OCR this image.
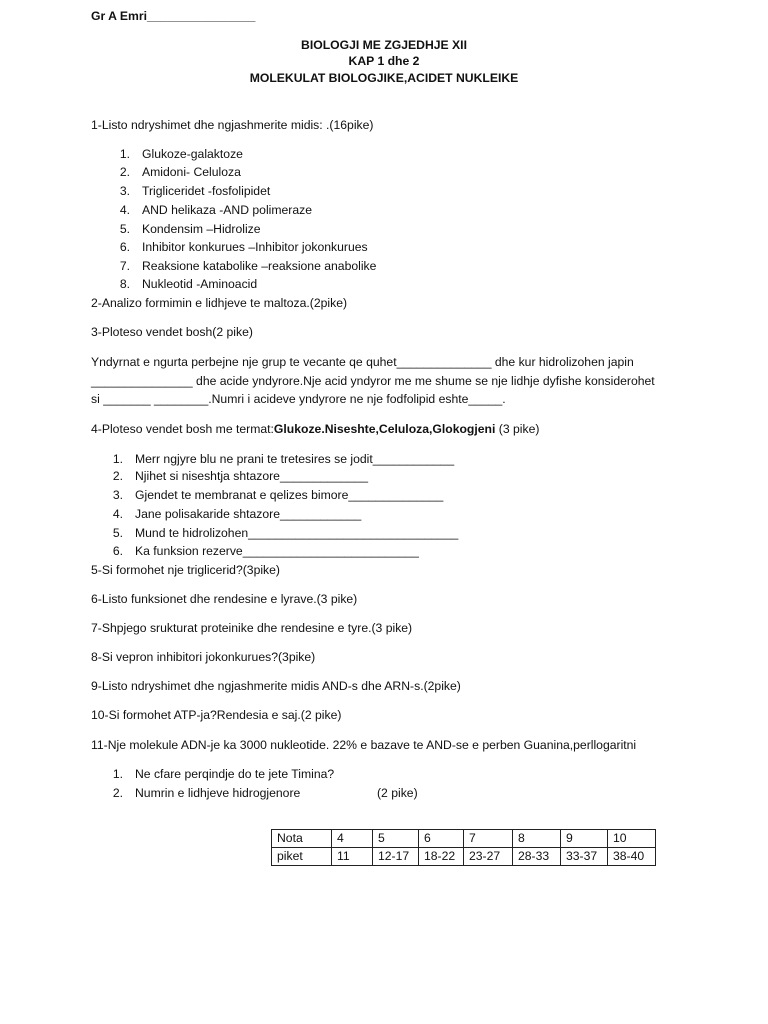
Gr A Emri________________
BIOLOGJI ME ZGJEDHJE XII
KAP 1 dhe 2
MOLEKULAT BIOLOGJIKE,ACIDET NUKLEIKE
1-Listo ndryshimet dhe ngjashmerite midis: .(16pike)
1. Glukoze-galaktoze
2. Amidoni- Celuloza
3. Trigliceridet -fosfolipidet
4. AND helikaza -AND polimeraze
5. Kondensim –Hidrolize
6. Inhibitor konkurues –Inhibitor jokonkurues
7. Reaksione katabolike –reaksione anabolike
8. Nukleotid -Aminoacid
2-Analizo formimin e lidhjeve te maltoza.(2pike)
3-Ploteso vendet bosh(2 pike)
Yndyrnat e ngurta perbejne nje grup te vecante qe quhet______________ dhe kur hidrolizohen japin
_______________ dhe acide yndyrore.Nje acid yndyror me me shume se nje lidhje dyfishe konsiderohet
si _______ ________.Numri i acideve yndyrore ne nje fodfolipid eshte_____.
4-Ploteso vendet bosh me termat:Glukoze.Niseshte,Celuloza,Glokogjeni (3 pike)
1. Merr ngjyre blu ne prani te tretesires se jodit____________
2. Njihet si niseshtja shtazore_____________
3. Gjendet te membranat e qelizes bimore______________
4. Jane polisakaride shtazore____________
5. Mund te hidrolizohen_______________________________
6. Ka funksion rezerve__________________________
5-Si formohet nje triglicerid?(3pike)
6-Listo funksionet dhe rendesine e lyrave.(3 pike)
7-Shpjego srukturat proteinike dhe rendesine e tyre.(3 pike)
8-Si vepron inhibitori jokonkurues?(3pike)
9-Listo ndryshimet dhe ngjashmerite midis AND-s dhe ARN-s.(2pike)
10-Si formohet ATP-ja?Rendesia e saj.(2 pike)
11-Nje molekule ADN-je ka 3000 nukleotide. 22% e bazave te AND-se e perben Guanina,perllogaritni
1. Ne cfare perqindje do te jete Timina?
2. Numrin e lidhjeve hidrogjenore	(2 pike)
Nota	4	5	6	7	8	9	10
piket	11	12-17	18-22	23-27	28-33	33-37	38-40
